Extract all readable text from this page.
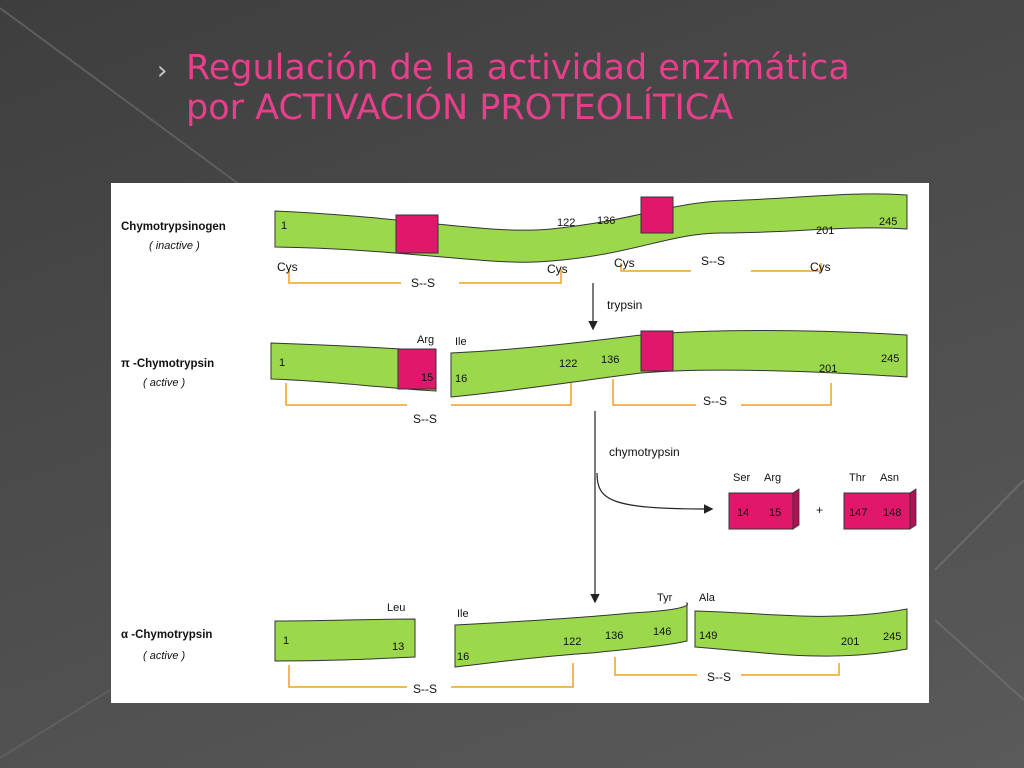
› Regulación de la actividad enzimática
por ACTIVACIÓN PROTEOLÍTICA
Chymotrypsinogen
( inactive )
1	122 136
201
245
Cys	Cys	Cys	Cys
S--S
S--S
trypsin
π -Chymotrypsin
( active )
1
15
Arg Ile
16
122 136
201
245
S--S
S--S
chymotrypsin
Ser Arg
14 15	+
Thr Asn
147 148
α -Chymotrypsin
( active )
1	13
Leu	Ile
16
122 136	146
Tyr Ala
149	201 245
S--S
S--S
